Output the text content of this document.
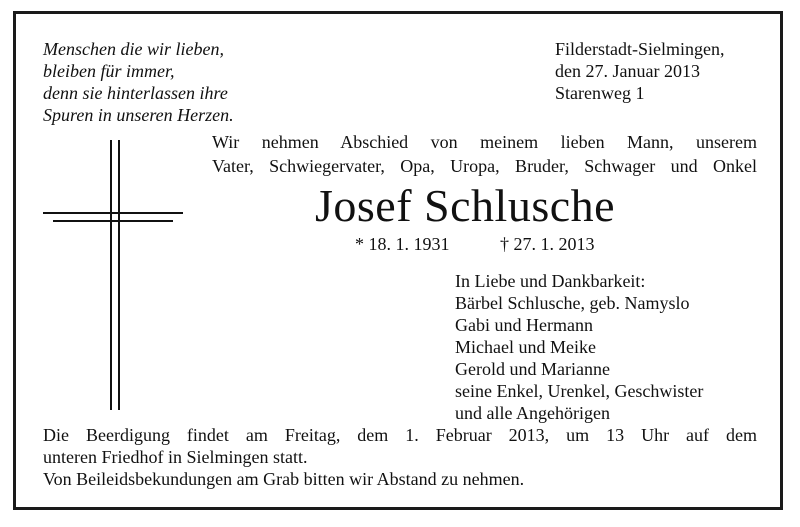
Menschen die wir lieben,
bleiben für immer,
denn sie hinterlassen ihre
Spuren in unseren Herzen.
Filderstadt-Sielmingen,
den 27. Januar 2013
Starenweg 1
Wir nehmen Abschied von meinem lieben Mann, unserem
Vater, Schwiegervater, Opa, Uropa, Bruder, Schwager und Onkel
Josef Schlusche
* 18. 1. 1931	† 27. 1. 2013
In Liebe und Dankbarkeit:
Bärbel Schlusche, geb. Namyslo
Gabi und Hermann
Michael und Meike
Gerold und Marianne
seine Enkel, Urenkel, Geschwister
und alle Angehörigen
Die Beerdigung findet am Freitag, dem 1. Februar 2013, um 13 Uhr auf dem
unteren Friedhof in Sielmingen statt.
Von Beileidsbekundungen am Grab bitten wir Abstand zu nehmen.
